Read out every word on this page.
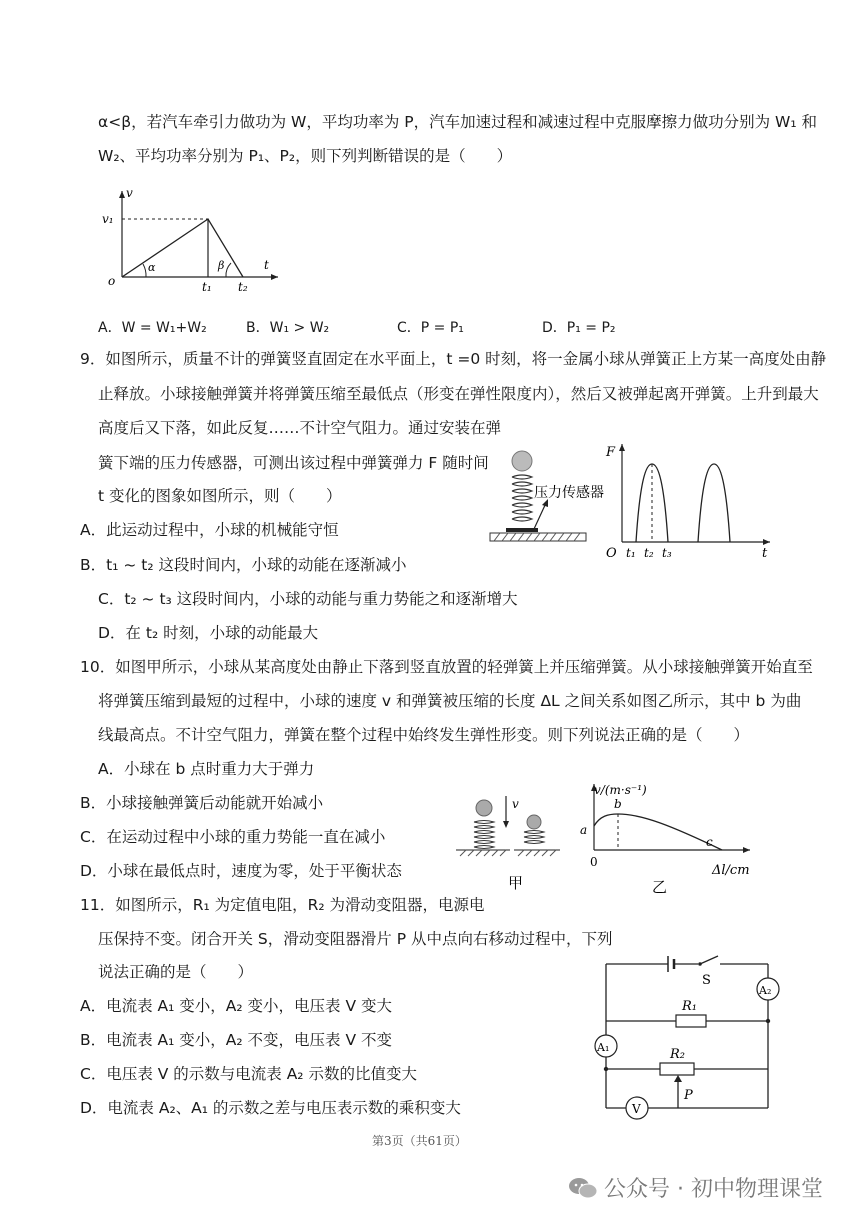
α<β，若汽车牵引力做功为 W，平均功率为 P，汽车加速过程和减速过程中克服摩擦力做功分别为 W₁ 和
W₂、平均功率分别为 P₁、P₂，则下列判断错误的是（　　）
v
v₁
o
α	β	t
t₁ t₂
A．W = W₁+W₂	B．W₁ > W₂	C．P = P₁	D．P₁ = P₂
9．如图所示，质量不计的弹簧竖直固定在水平面上，t =0 时刻，将一金属小球从弹簧正上方某一高度处由静
止释放。小球接触弹簧并将弹簧压缩至最低点（形变在弹性限度内），然后又被弹起离开弹簧。上升到最大
高度后又下落，如此反复……不计空气阻力。通过安装在弹
簧下端的压力传感器，可测出该过程中弹簧弹力 F 随时间
t 变化的图象如图所示，则（　　）
A．此运动过程中，小球的机械能守恒
B．t₁ ~ t₂ 这段时间内，小球的动能在逐渐减小
C．t₂ ~ t₃ 这段时间内，小球的动能与重力势能之和逐渐增大
D．在 t₂ 时刻，小球的动能最大
压力传感器
F
O t₁ t₂ t₃	t
10．如图甲所示，小球从某高度处由静止下落到竖直放置的轻弹簧上并压缩弹簧。从小球接触弹簧开始直至
将弹簧压缩到最短的过程中，小球的速度 v 和弹簧被压缩的长度 ΔL 之间关系如图乙所示，其中 b 为曲
线最高点。不计空气阻力，弹簧在整个过程中始终发生弹性形变。则下列说法正确的是（　　）
A．小球在 b 点时重力大于弹力
B．小球接触弹簧后动能就开始减小
C．在运动过程中小球的重力势能一直在减小
D．小球在最低点时，速度为零，处于平衡状态
v
甲
v/(m·s⁻¹)
a
b
c
0
Δl/cm
乙
11．如图所示，R₁ 为定值电阻，R₂ 为滑动变阻器，电源电
压保持不变。闭合开关 S，滑动变阻器滑片 P 从中点向右移动过程中，下列
说法正确的是（　　）
A．电流表 A₁ 变小，A₂ 变小，电压表 V 变大
B．电流表 A₁ 变小，A₂ 不变，电压表 V 不变
C．电压表 V 的示数与电流表 A₂ 示数的比值变大
D．电流表 A₂、A₁ 的示数之差与电压表示数的乘积变大
S
A₂
R₁
A₁	R₂
P
V
第3页（共61页）
公众号 · 初中物理课堂
